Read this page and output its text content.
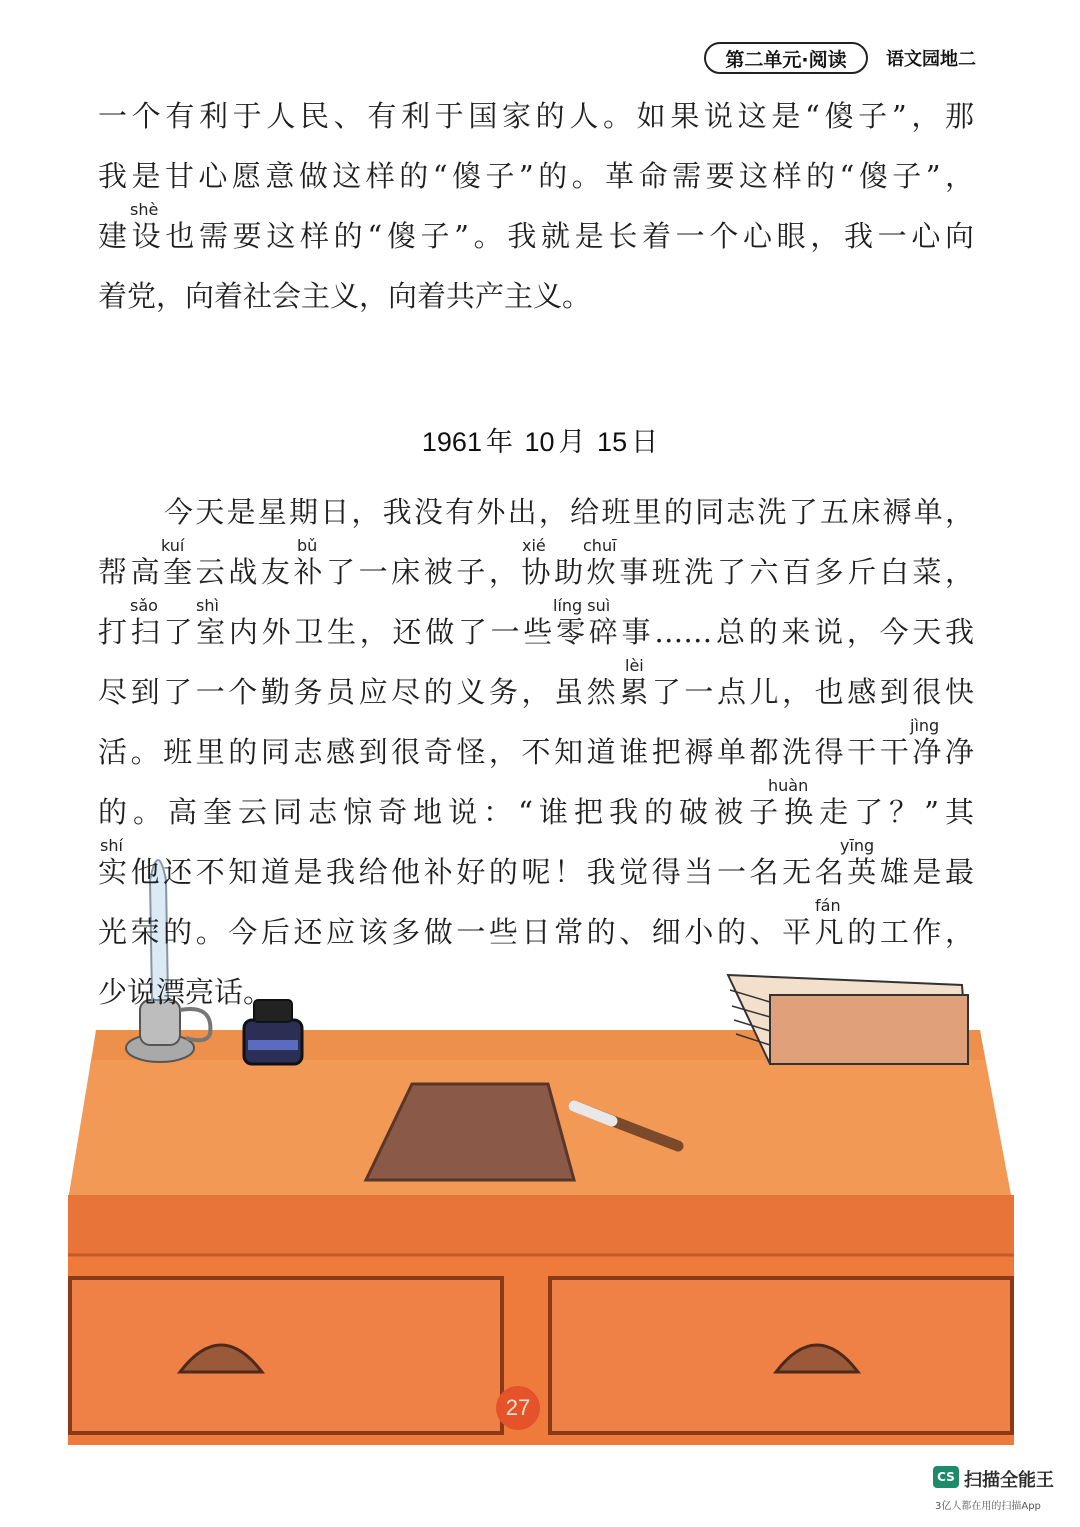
第二单元·阅读	语文园地二
一个有利于人民、有利于国家的人。如果说这是“傻子”，那
我是甘心愿意做这样的“傻子”的。革命需要这样的“傻子”，
建设也需要这样的“傻子”。我就是长着一个心眼，我一心向
着党，向着社会主义，向着共产主义。
shè
1961 年 10 月 15 日
今天是星期日，我没有外出，给班里的同志洗了五床褥单，
帮高奎云战友补了一床被子，协助炊事班洗了六百多斤白菜，
打扫了室内外卫生，还做了一些零碎事……总的来说，今天我
尽到了一个勤务员应尽的义务，虽然累了一点儿，也感到很快
活。班里的同志感到很奇怪，不知道谁把褥单都洗得干干净净
的。高奎云同志惊奇地说：“谁把我的破被子换走了？”其
实他还不知道是我给他补好的呢！我觉得当一名无名英雄是最
光荣的。今后还应该多做一些日常的、细小的、平凡的工作，
少说漂亮话。
kuí	bǔ	xié chuī
sǎo shì	líng suì
lèi
jìng
huàn
shí	yīng
fán
27
CS 扫描全能王
3亿人都在用的扫描App
